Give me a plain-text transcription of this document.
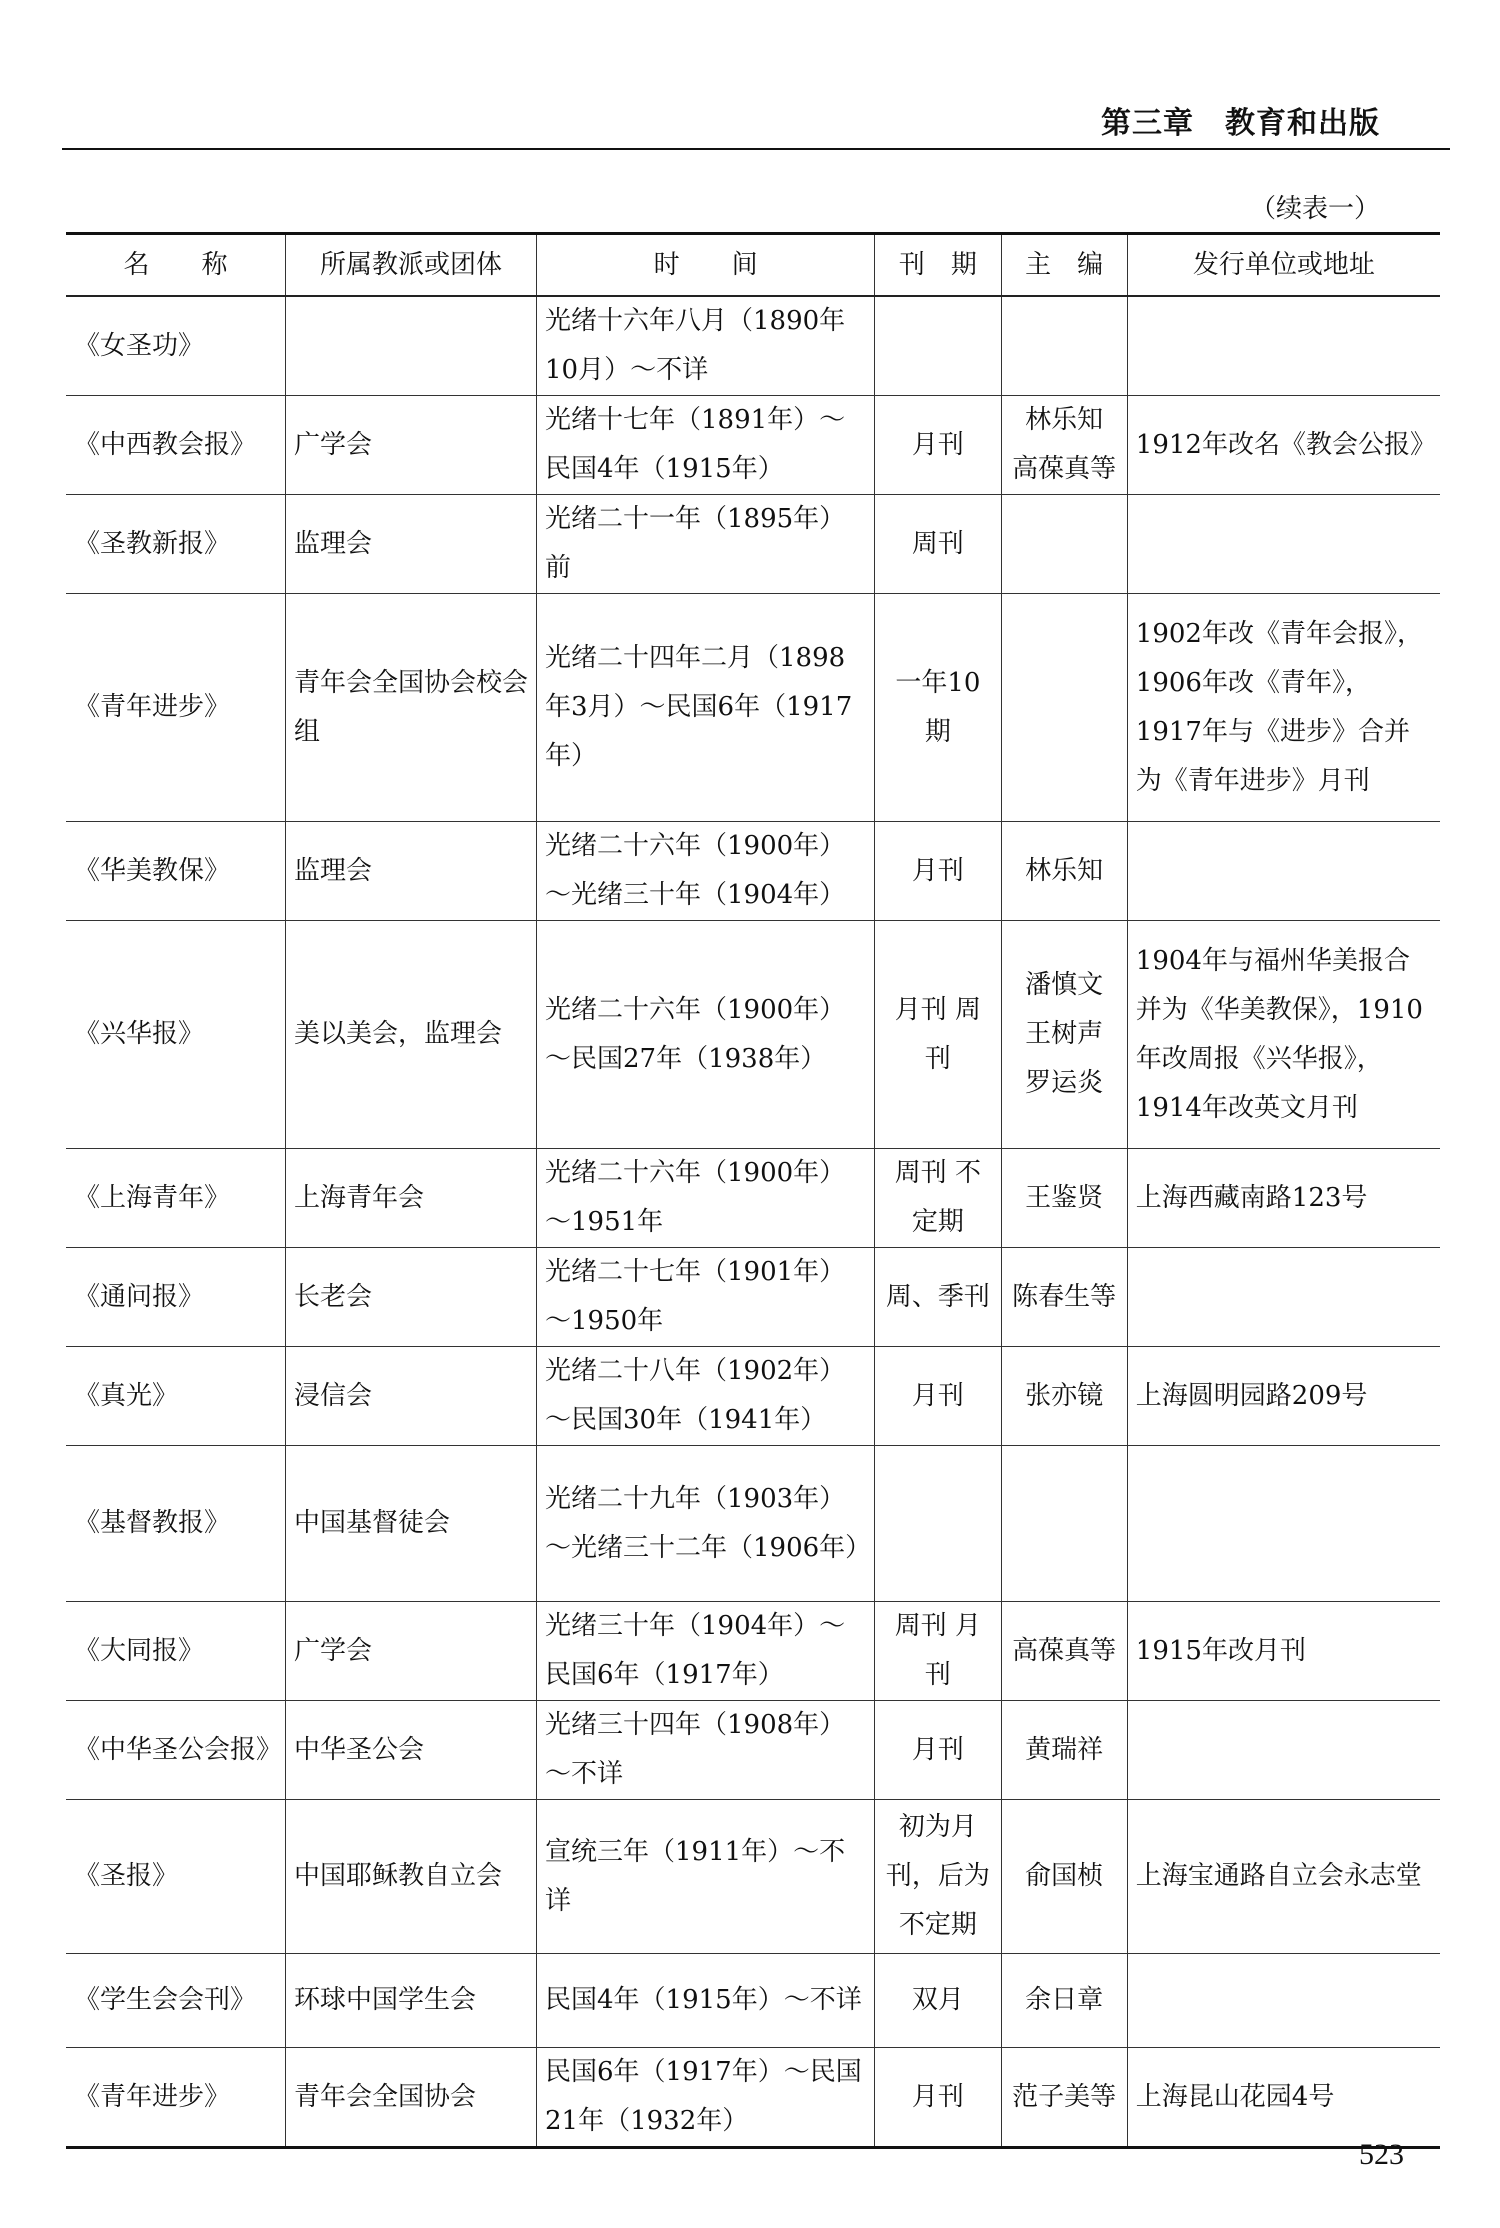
第三章　 教育和出版
（续表一）
名　　称	所属教派或团体	时　　间	刊　期	主　编	发行单位或地址
《女圣功》		光绪十六年八月（1890年10月）～不详			
《中西教会报》	广学会	光绪十七年（1891年）～民国4年（1915年）	月刊	林乐知 高葆真等	1912年改名《教会公报》
《圣教新报》	监理会	光绪二十一年（1895年）前	周刊		
《青年进步》	青年会全国协会校会组	光绪二十四年二月（1898年3月）～民国6年（1917年）	一年10期		1902年改《青年会报》，1906年改《青年》，1917年与《进步》合并为《青年进步》月刊
《华美教保》	监理会	光绪二十六年（1900年）～光绪三十年（1904年）	月刊	林乐知	
《兴华报》	美以美会，监理会	光绪二十六年（1900年）～民国27年（1938年）	月刊 周刊	潘慎文 王树声 罗运炎	1904年与福州华美报合并为《华美教保》，1910年改周报《兴华报》，1914年改英文月刊
《上海青年》	上海青年会	光绪二十六年（1900年）～1951年	周刊 不定期	王鉴贤	上海西藏南路123号
《通问报》	长老会	光绪二十七年（1901年）～1950年	周、季刊	陈春生等	
《真光》	浸信会	光绪二十八年（1902年）～民国30年（1941年）	月刊	张亦镜	上海圆明园路209号
《基督教报》	中国基督徒会	光绪二十九年（1903年）～光绪三十二年（1906年）			
《大同报》	广学会	光绪三十年（1904年）～民国6年（1917年）	周刊 月刊	高葆真等	1915年改月刊
《中华圣公会报》	中华圣公会	光绪三十四年（1908年）～不详	月刊	黄瑞祥	
《圣报》	中国耶稣教自立会	宣统三年（1911年）～不详	初为月刊，后为不定期	俞国桢	上海宝通路自立会永志堂
《学生会会刊》	环球中国学生会	民国4年（1915年）～不详	双月	余日章	
《青年进步》	青年会全国协会	民国6年（1917年）～民国21年（1932年）	月刊	范子美等	上海昆山花园4号
523
